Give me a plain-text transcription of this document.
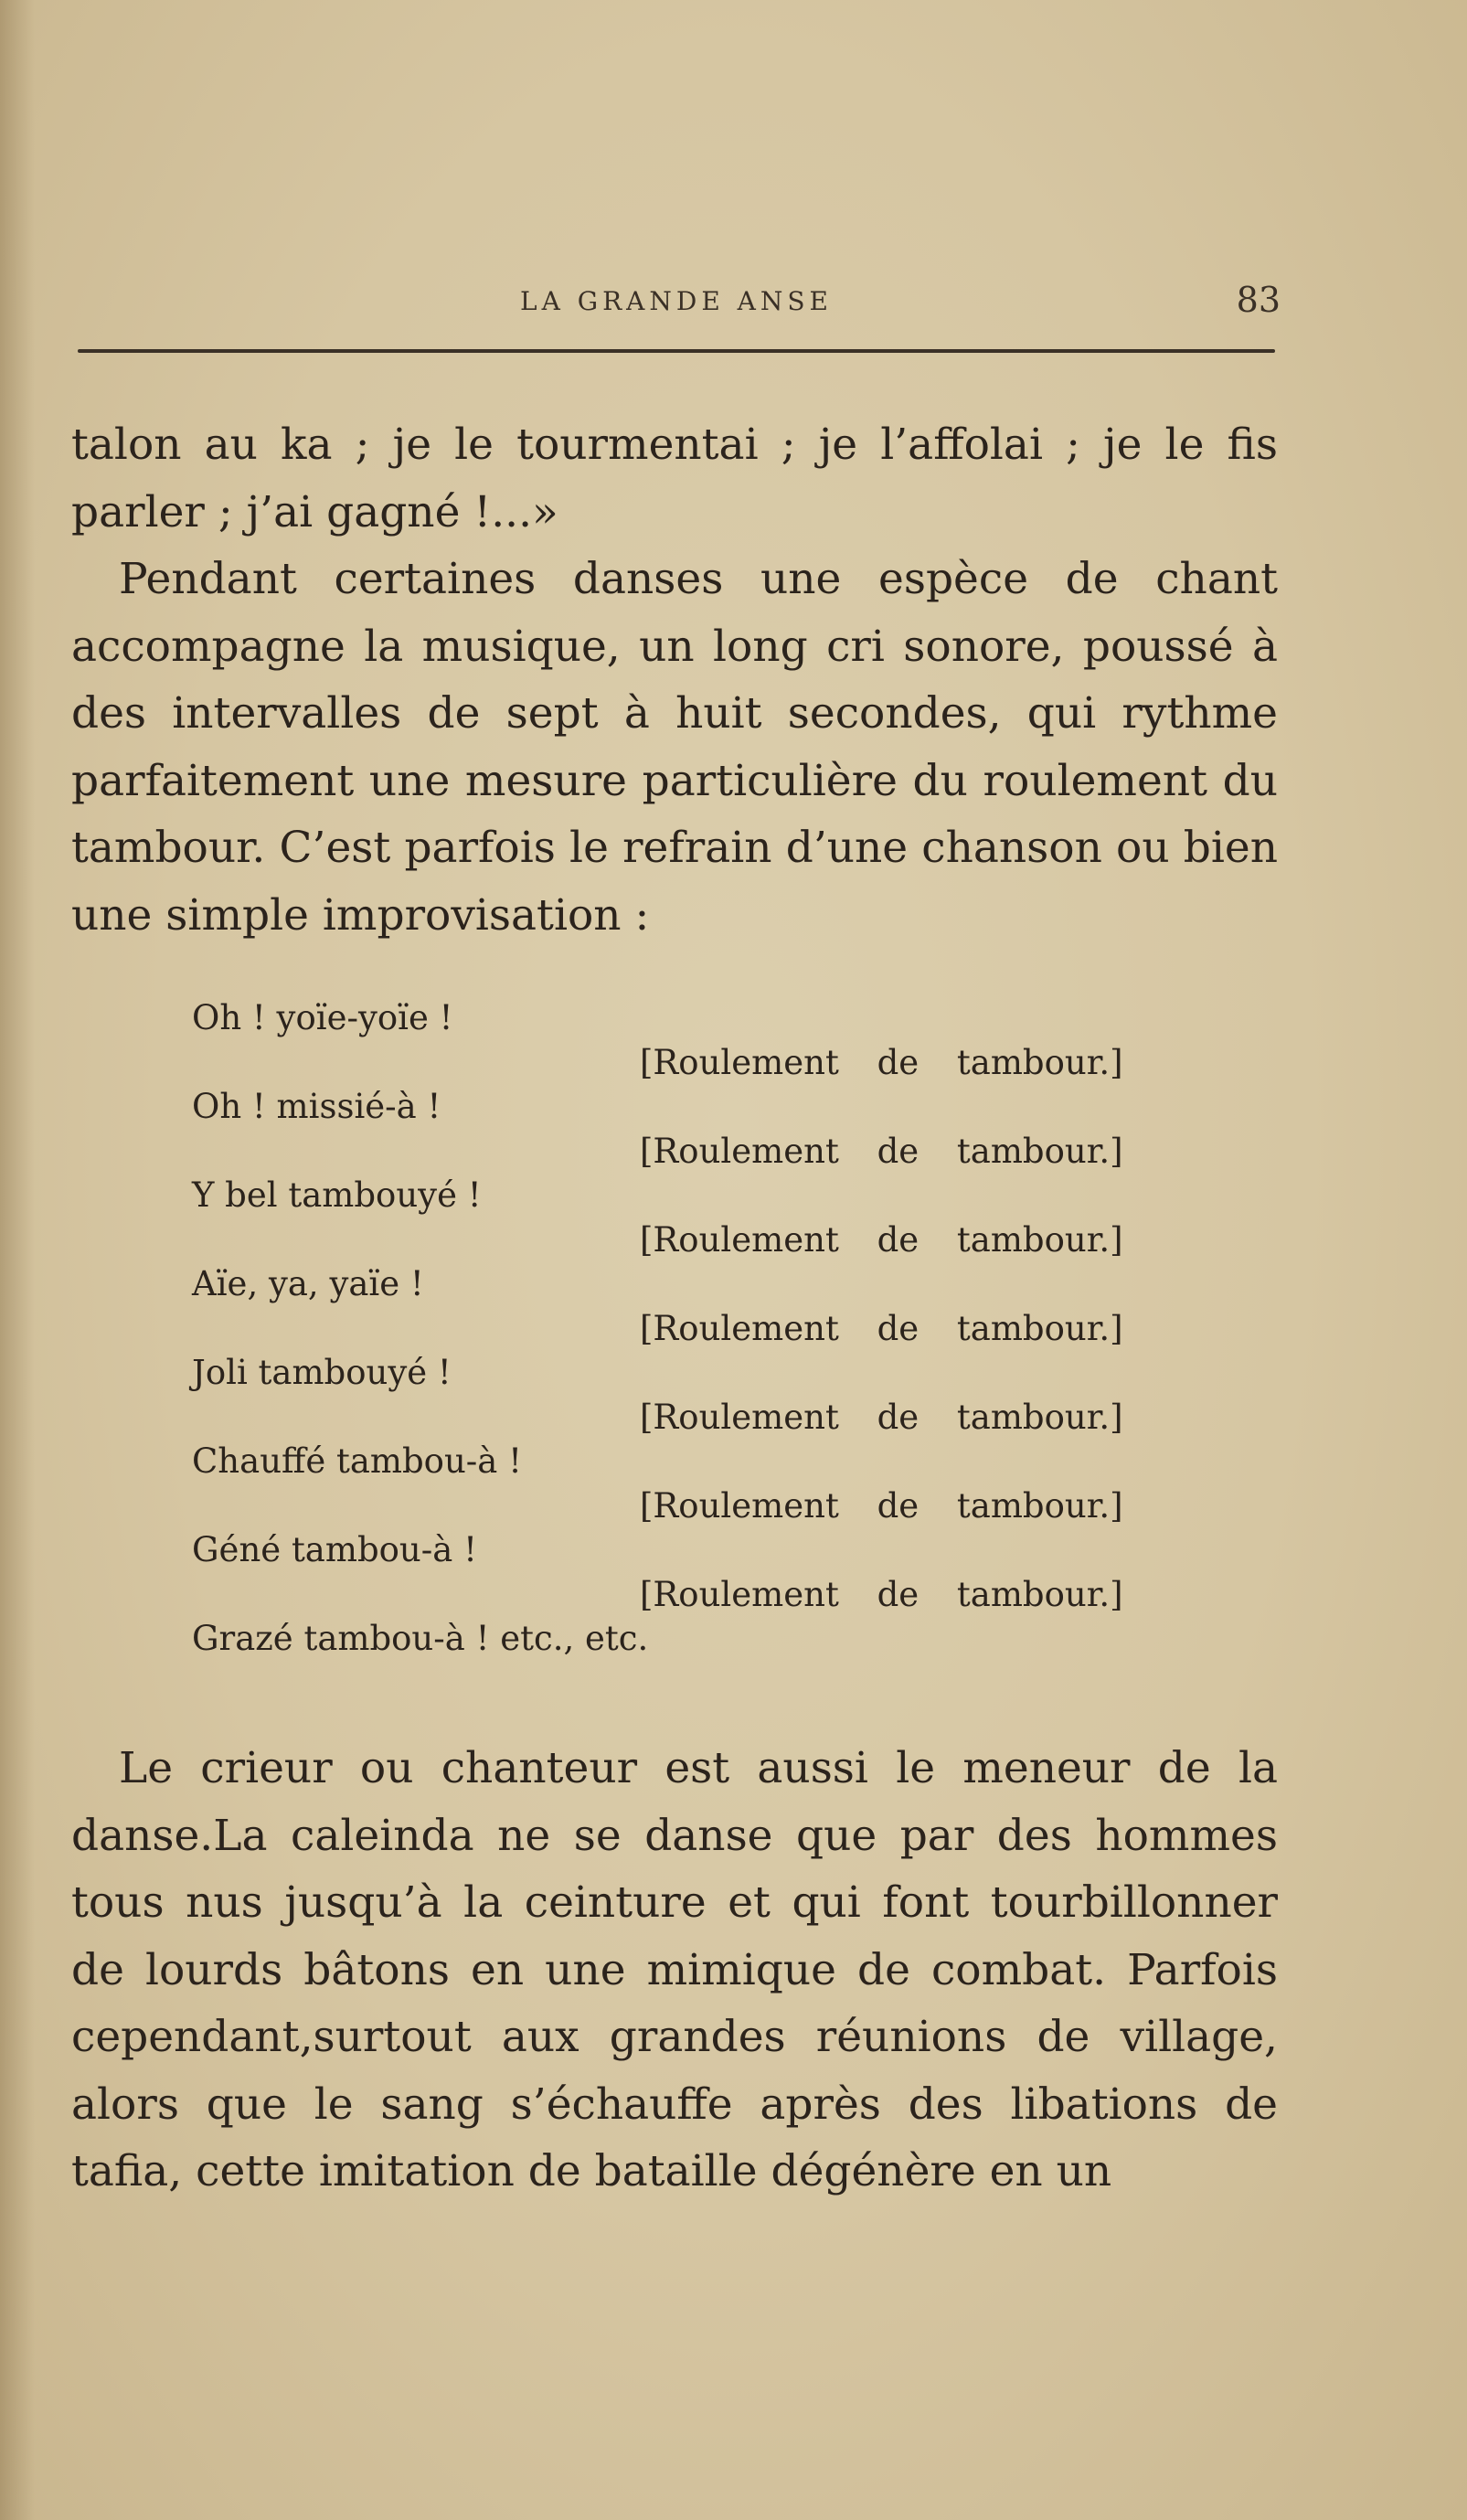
LA GRANDE ANSE	83

talon au ka ; je le tourmentai ; je l’affolai ; je le fis parler ; j’ai gagné !...»

Pendant certaines danses une espèce de chant accompagne la musique, un long cri sonore, poussé à des intervalles de sept à huit secondes, qui rythme parfaitement une mesure particulière du roulement du tambour. C’est parfois le refrain d’une chanson ou bien une simple improvisation :

Oh ! yoïe-yoïe !
[Roulement de tambour.]
Oh ! missié-à !
[Roulement de tambour.]
Y bel tambouyé !
[Roulement de tambour.]
Aïe, ya, yaïe !
[Roulement de tambour.]
Joli tambouyé !
[Roulement de tambour.]
Chauffé tambou-à !
[Roulement de tambour.]
Géné tambou-à !
[Roulement de tambour.]
Grazé tambou-à ! etc., etc.

Le crieur ou chanteur est aussi le meneur de la danse.La caleinda ne se danse que par des hommes tous nus jusqu’à la ceinture et qui font tourbillonner de lourds bâtons en une mimique de combat. Parfois cependant,surtout aux grandes réunions de village, alors que le sang s’échauffe après des libations de tafia, cette imitation de bataille dégénère en un
